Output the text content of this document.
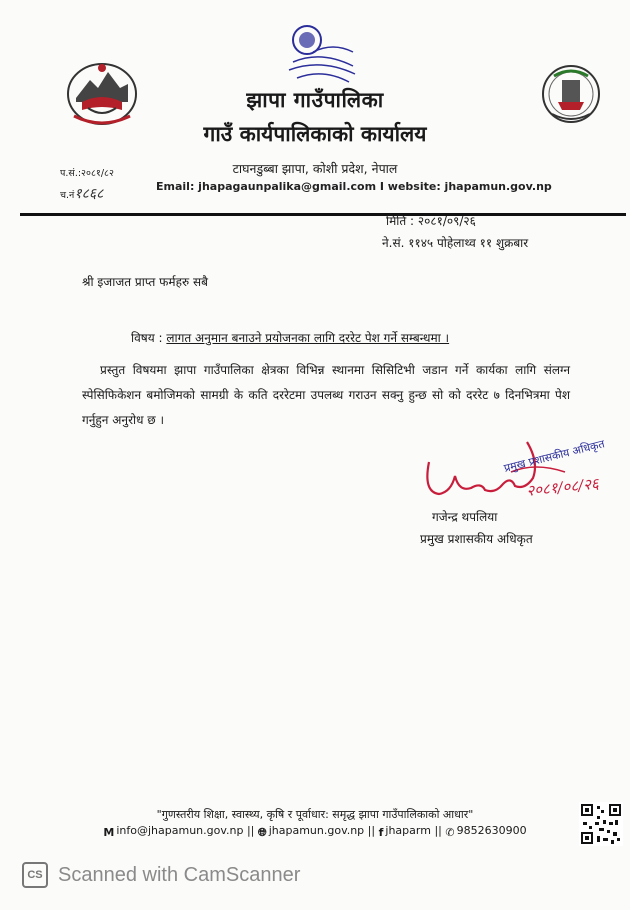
झापा गाउँपालिका
गाउँ कार्यपालिकाको कार्यालय
टाघनडुब्बा झापा, कोशी प्रदेश, नेपाल
Email: jhapagaunpalika@gmail.com I website: jhapamun.gov.np
प.सं.:२०८१/८२
च.नं१८६८
मिति : २०८१/०९/२६
ने.सं. ११४५ पोहेलाथ्व ११ शुक्रबार
श्री इजाजत प्राप्त फर्महरु सबै
विषय : लागत अनुमान बनाउने प्रयोजनका लागि दररेट पेश गर्ने सम्बन्धमा ।

प्रस्तुत विषयमा झापा गाउँपालिका क्षेत्रका विभिन्न स्थानमा सिसिटिभी जडान गर्ने कार्यका लागि संलग्न स्पेसिफिकेशन बमोजिमको सामग्री के कति दररेटमा उपलब्ध गराउन सक्नु हुन्छ सो को दररेट ७ दिनभित्रमा पेश गर्नुहुन अनुरोध छ ।

प्रमुख प्रशासकीय अधिकृत
२०८१/०८/२६
गजेन्द्र थपलिया
प्रमुख प्रशासकीय अधिकृत
"गुणस्तरीय शिक्षा, स्वास्थ्य, कृषि र पूर्वाधार: समृद्ध झापा गाउँपालिकाको आधार"
M info@jhapamun.gov.np || 🌐︎ jhapamun.gov.np || f jhaparm || ✆ 9852630900
CS Scanned with CamScanner
